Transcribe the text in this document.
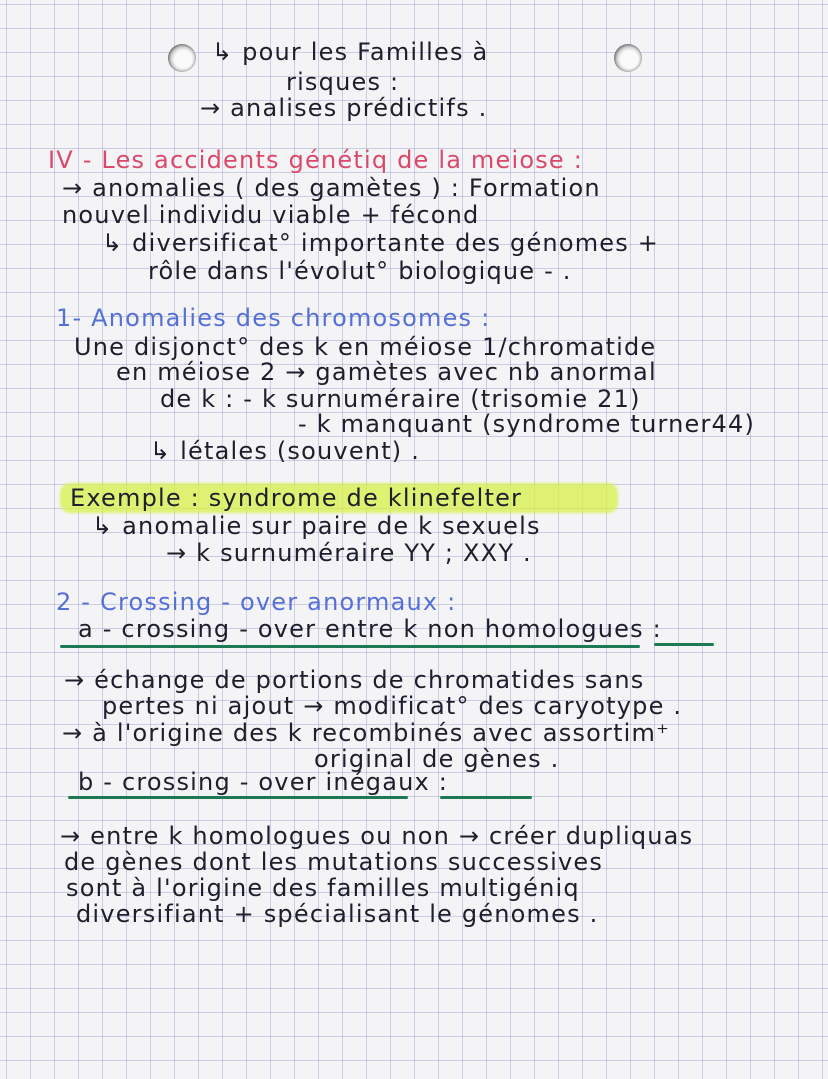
↳ pour les Familles à
risques :
→ analises prédictifs .
IV - Les accidents génétiq de la meiose :
→ anomalies ( des gamètes ) : Formation
nouvel individu viable + fécond
↳ diversificat° importante des génomes +
rôle dans l'évolut° biologique - .
1- Anomalies des chromosomes :
Une disjonct° des k en méiose 1/chromatide
en méiose 2 → gamètes avec nb anormal
de k : - k surnuméraire (trisomie 21)
- k manquant (syndrome turner44)
↳ létales (souvent) .
Exemple : syndrome de klinefelter
↳ anomalie sur paire de k sexuels
→ k surnuméraire YY ; XXY .
2 - Crossing - over anormaux :
a - crossing - over entre k non homologues :
→ échange de portions de chromatides sans
pertes ni ajout → modificat° des caryotype .
→ à l'origine des k recombinés avec assortim⁺
original de gènes .
b - crossing - over inégaux :
→ entre k homologues ou non → créer dupliquas
de gènes dont les mutations successives
sont à l'origine des familles multigéniq
diversifiant + spécialisant le génomes .
